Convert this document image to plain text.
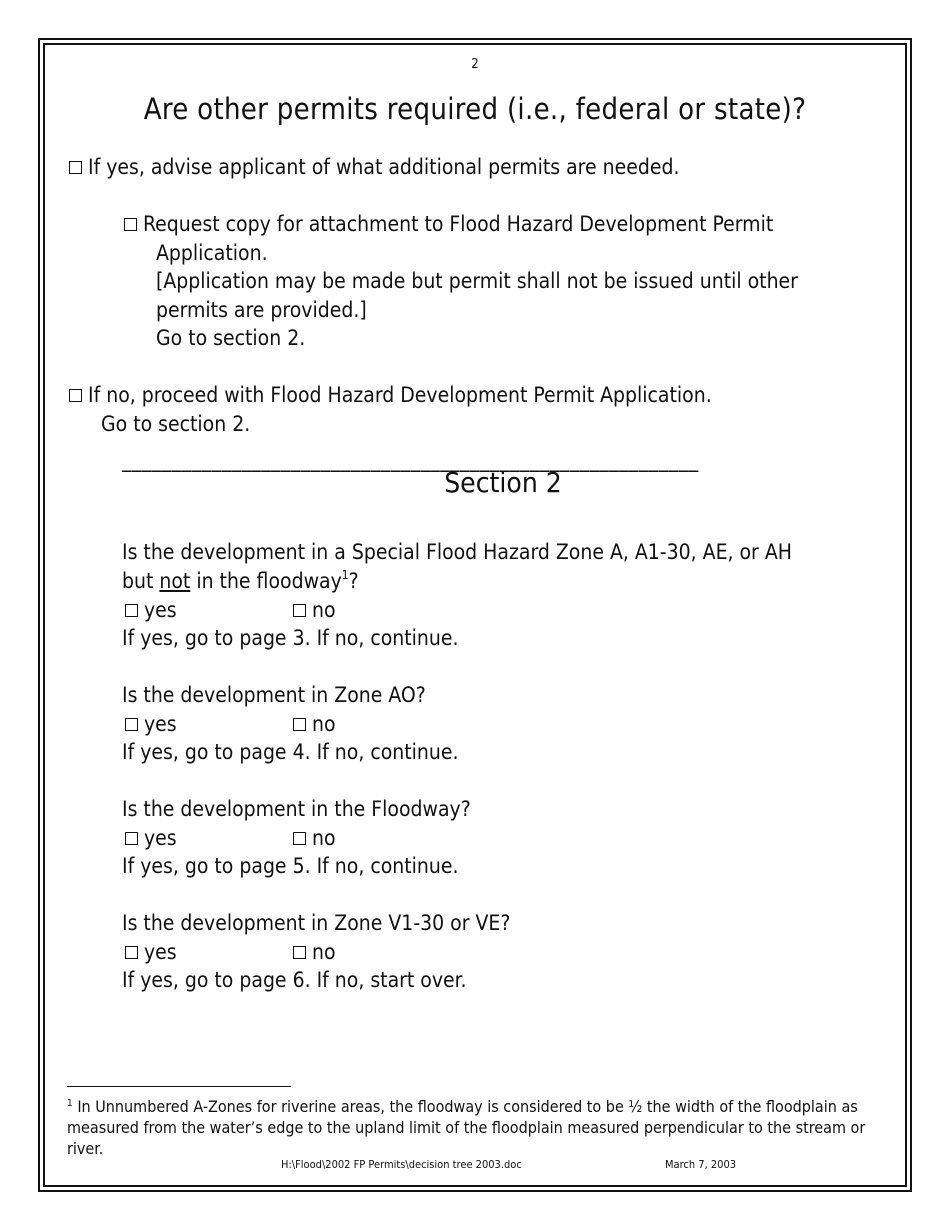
2
Are other permits required (i.e., federal or state)?
If yes, advise applicant of what additional permits are needed.
Request copy for attachment to Flood Hazard Development Permit
Application.
[Application may be made but permit shall not be issued until other
permits are provided.]
Go to section 2.
If no, proceed with Flood Hazard Development Permit Application.
Go to section 2.
__________________________________________________________
Section 2
Is the development in a Special Flood Hazard Zone A, A1-30, AE, or AH
but not in the floodway$^1$?
yes	no
If yes, go to page 3. If no, continue.
Is the development in Zone AO?
yes	no
If yes, go to page 4. If no, continue.
Is the development in the Floodway?
yes	no
If yes, go to page 5. If no, continue.
Is the development in Zone V1-30 or VE?
yes	no
If yes, go to page 6. If no, start over.
$^1$ In Unnumbered A-Zones for riverine areas, the floodway is considered to be ½ the width of the floodplain as measured from the water’s edge to the upland limit of the floodplain measured perpendicular to the stream or river.
H:\Flood\2002 FP Permits\decision tree 2003.doc	March 7, 2003
